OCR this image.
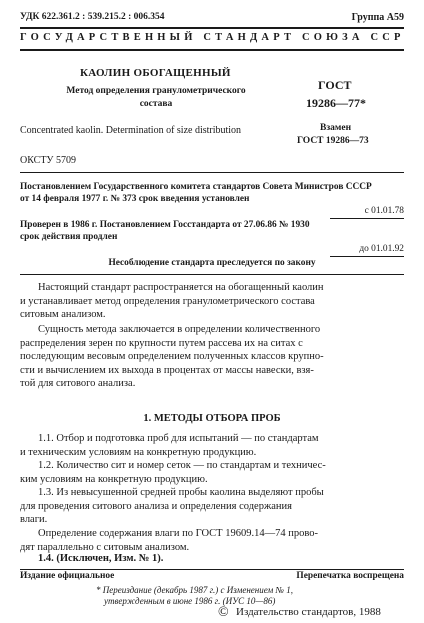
УДК 622.361.2 : 539.215.2 : 006.354	Группа А59
ГОСУДАРСТВЕННЫЙ СТАНДАРТ СОЮЗА ССР
КАОЛИН ОБОГАЩЕННЫЙ
Метод определения гранулометрического
состава
Concentrated kaolin. Determination of size distribution
ГОСТ
19286—77*
Взамен
ГОСТ 19286—73
ОКСТУ 5709
Постановлением Государственного комитета стандартов Совета Министров СССР
от 14 февраля 1977 г. № 373 срок введения установлен
с 01.01.78
Проверен в 1986 г. Постановлением Госстандарта от 27.06.86 № 1930
срок действия продлен
до 01.01.92
Несоблюдение стандарта преследуется по закону
Настоящий стандарт распространяется на обогащенный каолин
и устанавливает метод определения гранулометрического состава
ситовым анализом.
Сущность метода заключается в определении количественного
распределения зерен по крупности путем рассева их на ситах с
последующим весовым определением полученных классов крупно-
сти и вычислением их выхода в процентах от массы навески, взя-
той для ситового анализа.
1. МЕТОДЫ ОТБОРА ПРОБ
1.1. Отбор и подготовка проб для испытаний — по стандартам
и техническим условиям на конкретную продукцию.
1.2. Количество сит и номер сеток — по стандартам и техничес-
ким условиям на конкретную продукцию.
1.3. Из невысушенной средней пробы каолина выделяют пробы
для проведения ситового анализа и определения содержания
влаги.
Определение содержания влаги по ГОСТ 19609.14—74 прово-
дят параллельно с ситовым анализом.
1.4. (Исключен, Изм. № 1).
Издание официальное	Перепечатка воспрещена
* Переиздание (декабрь 1987 г.) с Изменением № 1,
утвержденным в июне 1986 г. (ИУС 10—86)
© Издательство стандартов, 1988
